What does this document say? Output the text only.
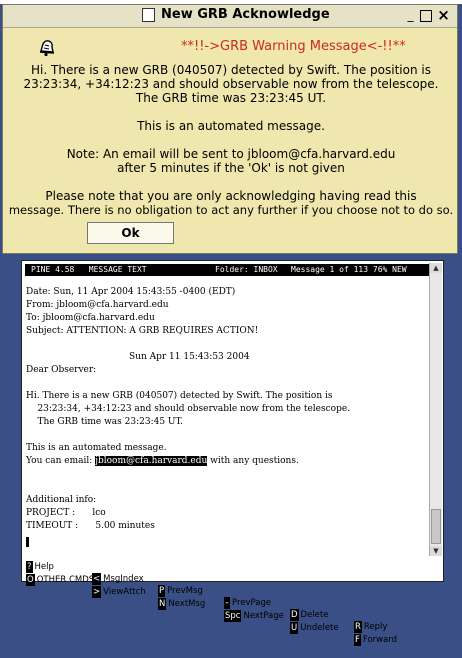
New GRB Acknowledge	_	×
**!!->GRB Warning Message<-!!**
Hi. There is a new GRB (040507) detected by Swift. The position is
23:23:34, +34:12:23 and should observable now from the telescope.
The GRB time was 23:23:45 UT.
This is an automated message.
Note: An email will be sent to jbloom@cfa.harvard.edu
after 5 minutes if the 'Ok' is not given
Please note that you are only acknowledging having read this
message. There is no obligation to act any further if you choose not to do so.
Ok

PINE 4.58   MESSAGE TEXT

	Folder: INBOX

Message 1 of 113 76% NEW

Date: Sun, 11 Apr 2004 15:43:55 -0400 (EDT)

From: jbloom@cfa.harvard.edu

To: jbloom@cfa.harvard.edu

Subject: ATTENTION: A GRB REQUIRES ACTION!

Sun Apr 11 15:43:53 2004

Dear Observer:

Hi. There is a new GRB (040507) detected by Swift. The position is

23:23:34, +34:12:23 and should observable now from the telescope.

The GRB time was 23:23:45 UT.

This is an automated message.

You can email: jbloom@cfa.harvard.edu with any questions.

Additional info:

PROJECT :      lco

TIMEOUT :      5.00 minutes

▲
▼

? Help

< MsgIndex

P PrevMsg

- PrevPage

D Delete

R Reply

O OTHER CMDS

> ViewAttch

N NextMsg

Spc NextPage

U Undelete

F Forward
